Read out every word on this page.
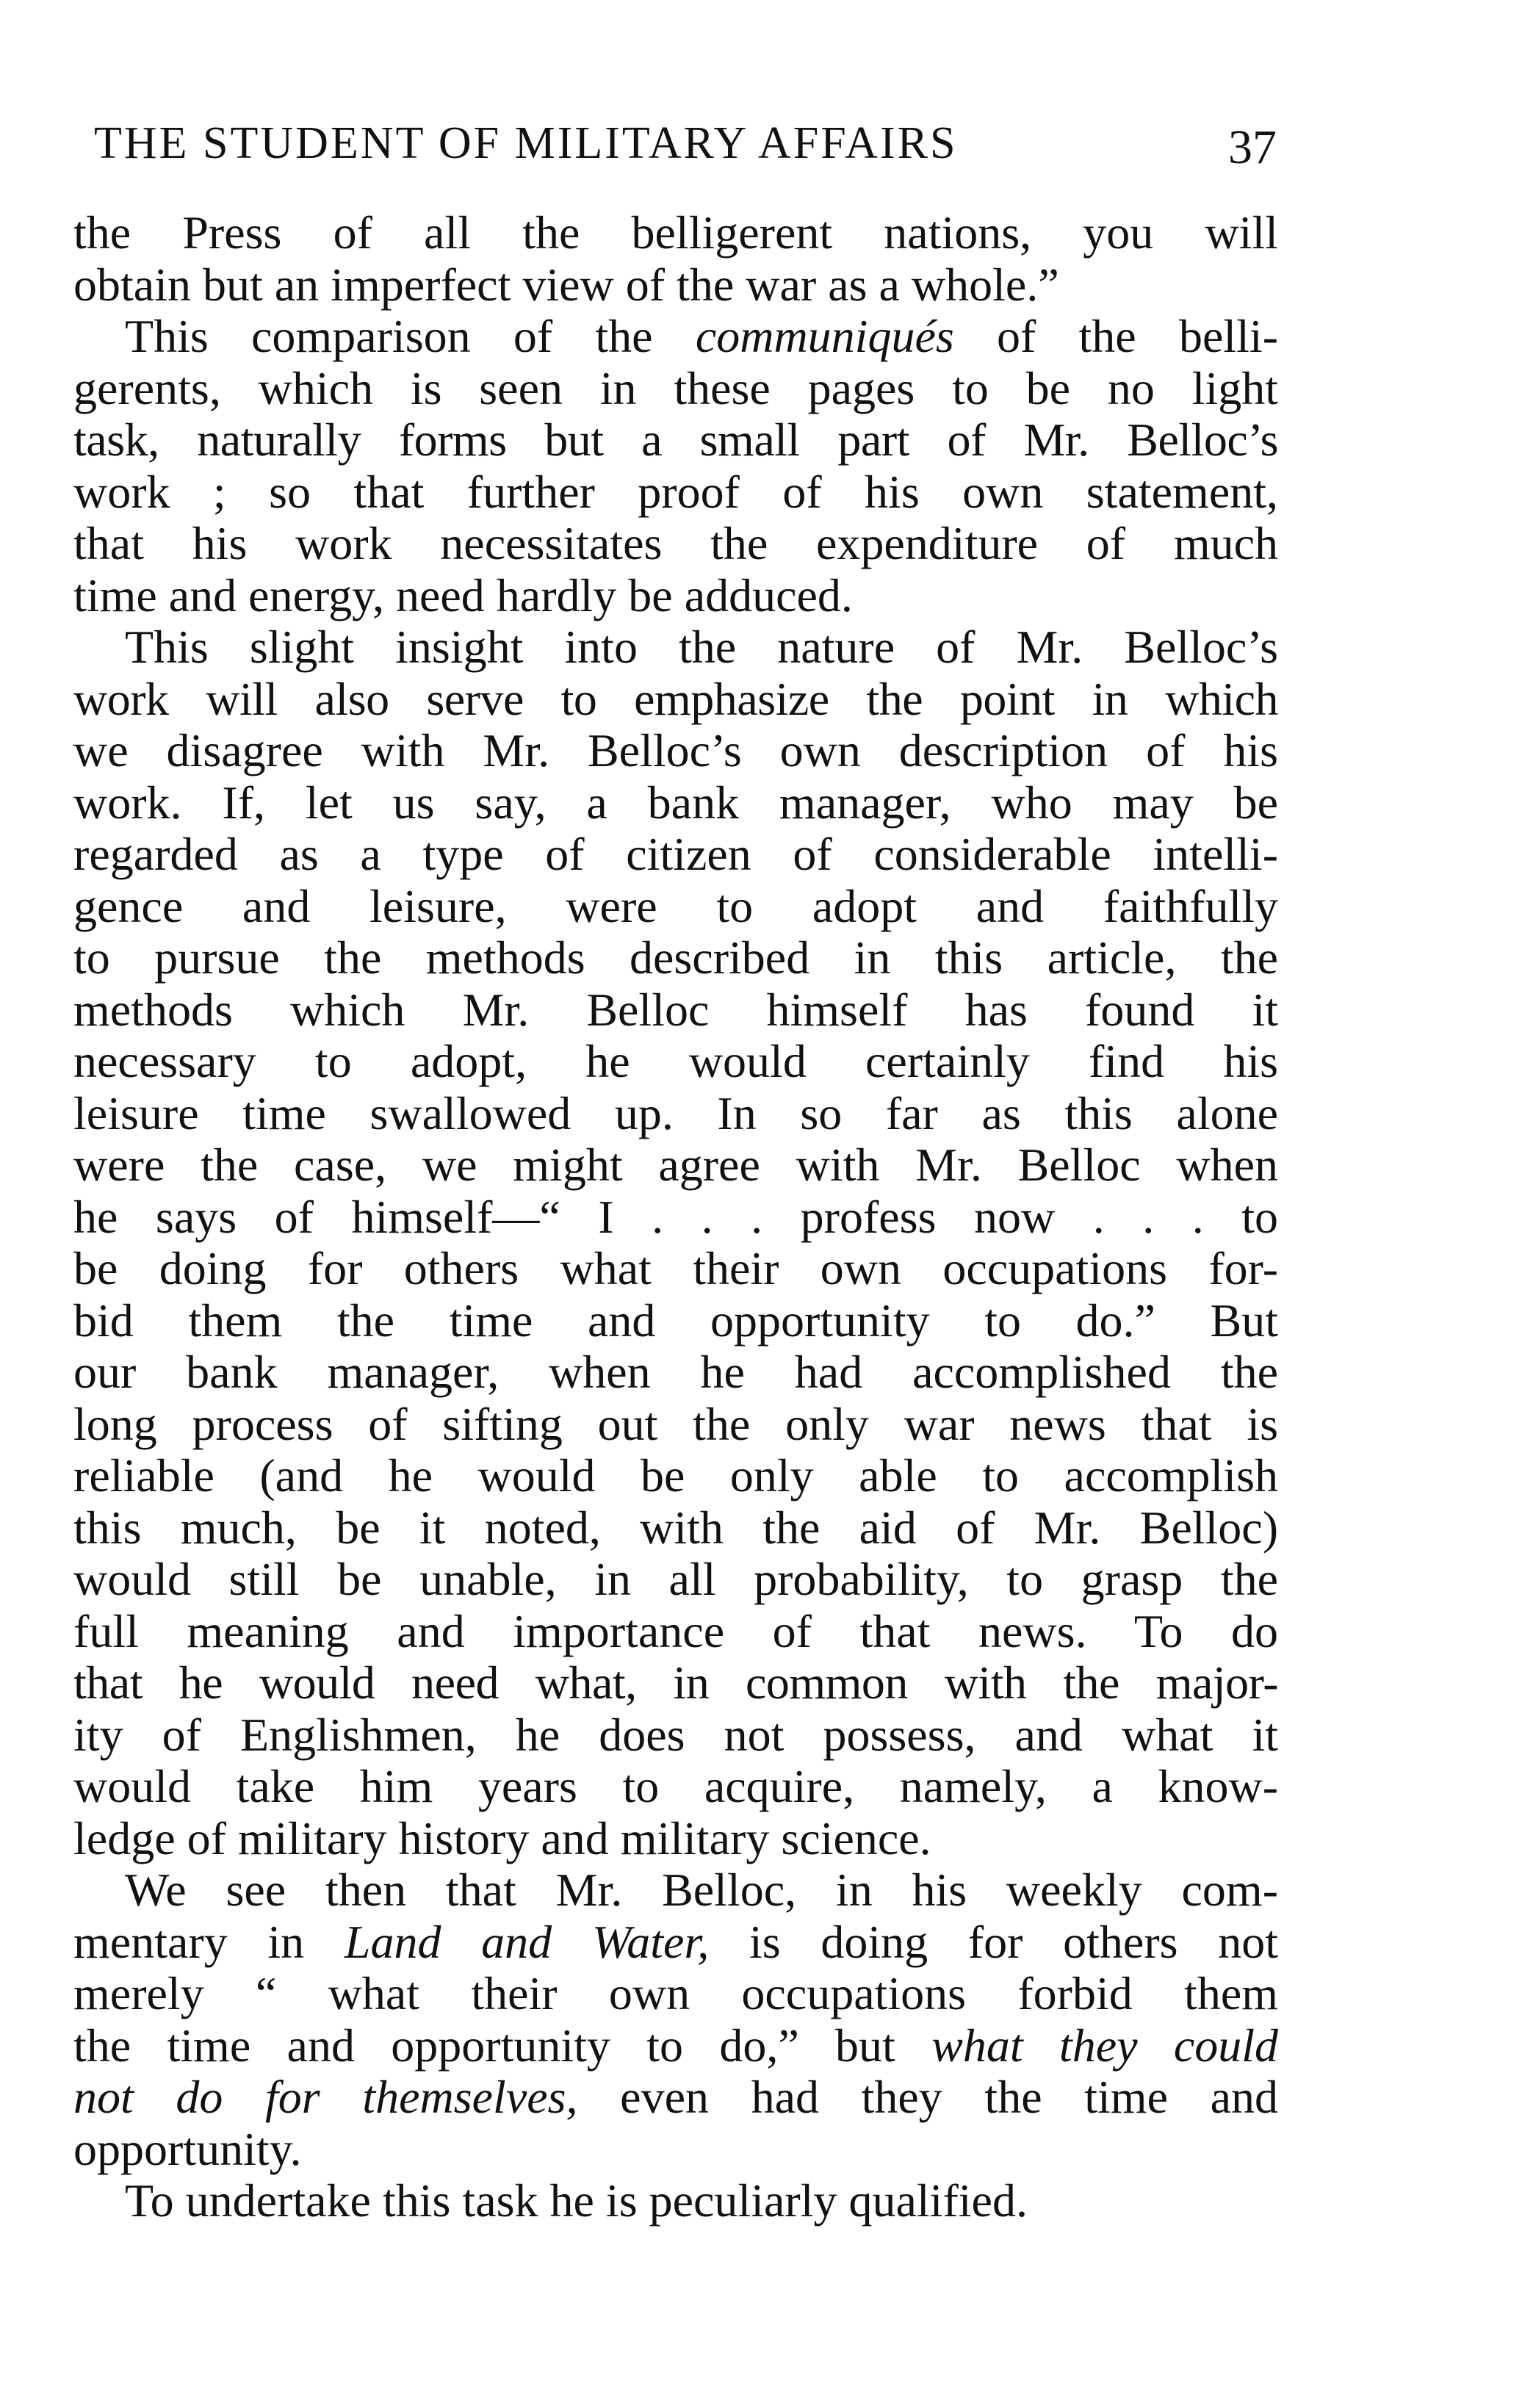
THE STUDENT OF MILITARY AFFAIRS	37
the Press of all the belligerent nations, you will
obtain but an imperfect view of the war as a whole.”
This comparison of the communiqués of the belli-
gerents, which is seen in these pages to be no light
task, naturally forms but a small part of Mr. Belloc’s
work ; so that further proof of his own statement,
that his work necessitates the expenditure of much
time and energy, need hardly be adduced.
This slight insight into the nature of Mr. Belloc’s
work will also serve to emphasize the point in which
we disagree with Mr. Belloc’s own description of his
work. If, let us say, a bank manager, who may be
regarded as a type of citizen of considerable intelli-
gence and leisure, were to adopt and faithfully
to pursue the methods described in this article, the
methods which Mr. Belloc himself has found it
necessary to adopt, he would certainly find his
leisure time swallowed up. In so far as this alone
were the case, we might agree with Mr. Belloc when
he says of himself—“ I . . . profess now . . . to
be doing for others what their own occupations for-
bid them the time and opportunity to do.” But
our bank manager, when he had accomplished the
long process of sifting out the only war news that is
reliable (and he would be only able to accomplish
this much, be it noted, with the aid of Mr. Belloc)
would still be unable, in all probability, to grasp the
full meaning and importance of that news. To do
that he would need what, in common with the major-
ity of Englishmen, he does not possess, and what it
would take him years to acquire, namely, a know-
ledge of military history and military science.
We see then that Mr. Belloc, in his weekly com-
mentary in Land and Water, is doing for others not
merely “ what their own occupations forbid them
the time and opportunity to do,” but what they could
not do for themselves, even had they the time and
opportunity.
To undertake this task he is peculiarly qualified.
